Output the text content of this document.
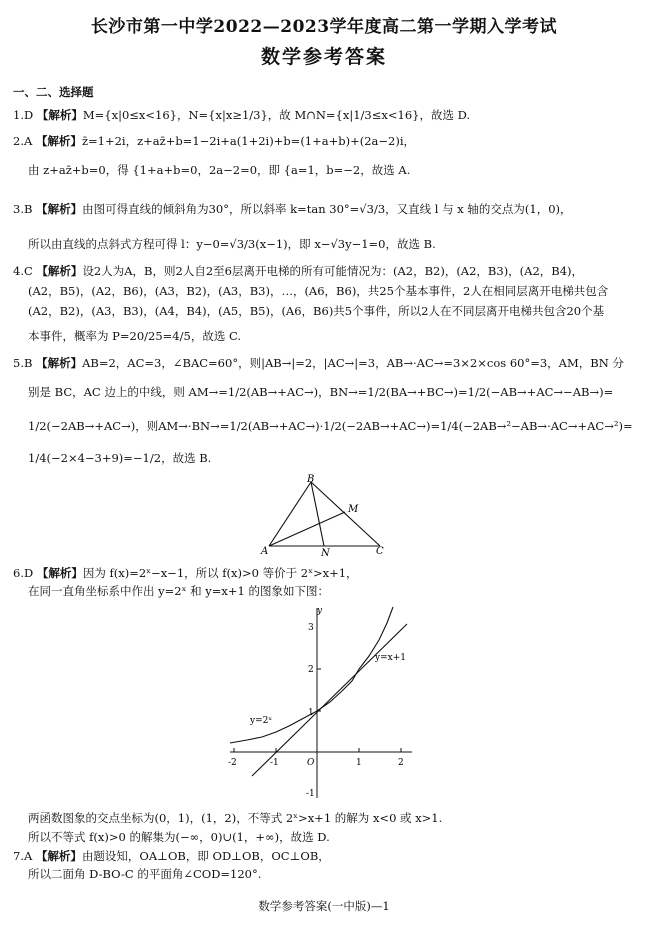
长沙市第一中学2022—2023学年度高二第一学期入学考试
数学参考答案
一、二、选择题
1.D 【解析】M={x|0≤x<16}，N={x|x≥1/3}，故 M∩N={x|1/3≤x<16}，故选 D.
2.A 【解析】z̄=1+2i，z+az̄+b=1−2i+a(1+2i)+b=(1+a+b)+(2a−2)i，
由 z+az̄+b=0，得 {1+a+b=0，2a−2=0，即 {a=1，b=−2，故选 A.
3.B 【解析】由图可得直线的倾斜角为30°，所以斜率 k=tan 30°=√3/3，又直线 l 与 x 轴的交点为(1，0)，
所以由直线的点斜式方程可得 l：y−0=√3/3(x−1)，即 x−√3y−1=0，故选 B.
4.C 【解析】设2人为A，B，则2人自2至6层离开电梯的所有可能情况为：(A2，B2)，(A2，B3)，(A2，B4)，
(A2，B5)，(A2，B6)，(A3，B2)，(A3，B3)，…，(A6，B6)，共25个基本事件，2人在相同层离开电梯共包含
(A2，B2)，(A3，B3)，(A4，B4)，(A5，B5)，(A6，B6)共5个事件，所以2人在不同层离开电梯共包含20个基
本事件，概率为 P=20/25=4/5，故选 C.
5.B 【解析】AB=2，AC=3，∠BAC=60°，则|AB→|=2，|AC→|=3，AB→·AC→=3×2×cos 60°=3，AM，BN 分
别是 BC，AC 边上的中线，则 AM→=1/2(AB→+AC→)，BN→=1/2(BA→+BC→)=1/2(−AB→+AC→−AB→)=
1/2(−2AB→+AC→)，则AM→·BN→=1/2(AB→+AC→)·1/2(−2AB→+AC→)=1/4(−2AB→²−AB→·AC→+AC→²)=
1/4(−2×4−3+9)=−1/2，故选 B.
B
A	C
M
N
6.D 【解析】因为 f(x)=2ˣ−x−1，所以 f(x)>0 等价于 2ˣ>x+1，
在同一直角坐标系中作出 y=2ˣ 和 y=x+1 的图象如下图：
y
3
2
1
-1
-2	-1	O	1	2
y=2ˣ
y=x+1
两函数图象的交点坐标为(0，1)，(1，2)，不等式 2ˣ>x+1 的解为 x<0 或 x>1.
所以不等式 f(x)>0 的解集为(−∞，0)∪(1，+∞)，故选 D.
7.A 【解析】由题设知，OA⊥OB，即 OD⊥OB，OC⊥OB，
所以二面角 D-BO-C 的平面角∠COD=120°.
数学参考答案(一中版)—1
